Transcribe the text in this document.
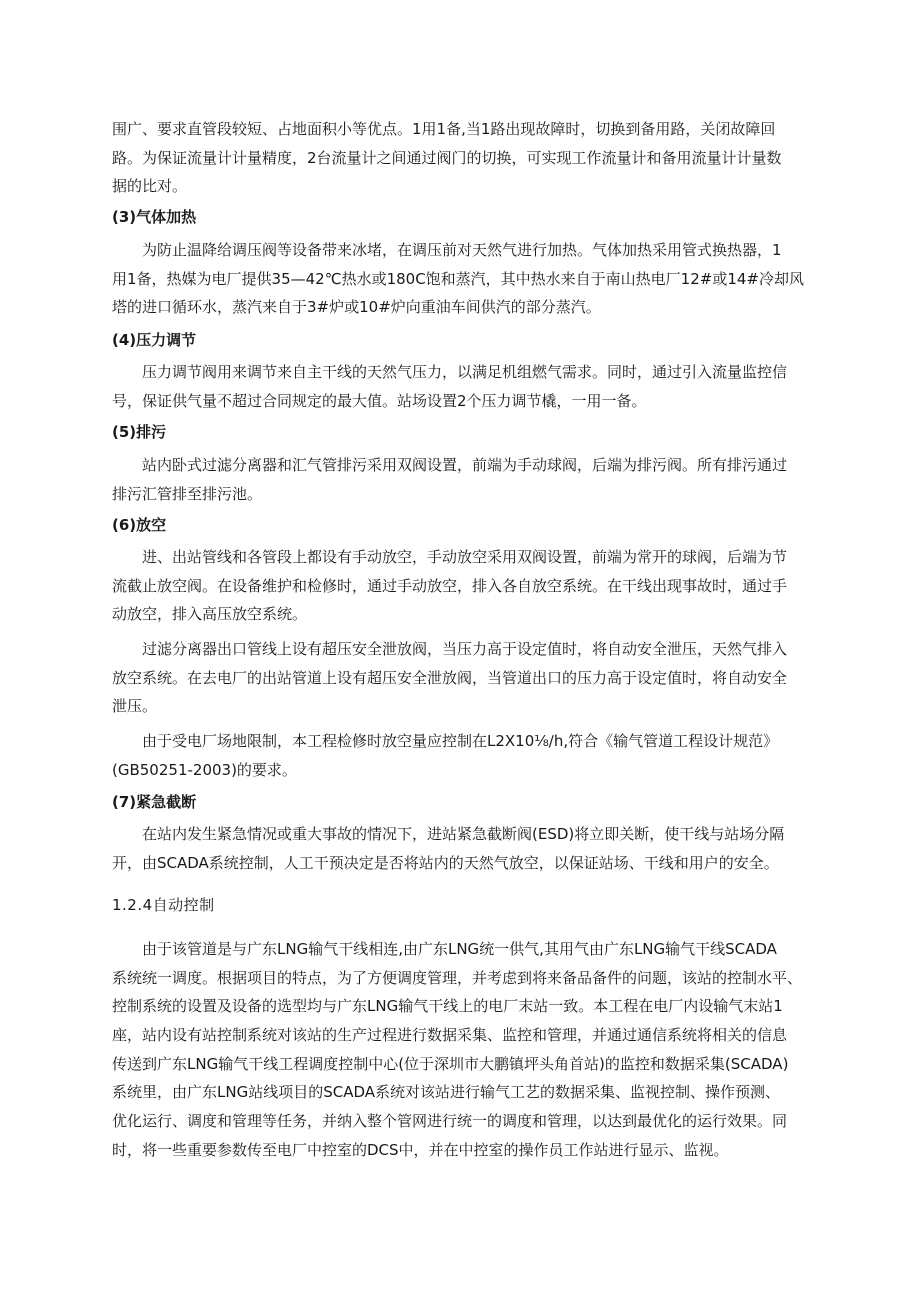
围广、要求直管段较短、占地面积小等优点。1用1备,当1路出现故障时，切换到备用路，关闭故障回

路。为保证流量计计量精度，2台流量计之间通过阀门的切换，可实现工作流量计和备用流量计计量数

据的比对。

(3)气体加热

为防止温降给调压阀等设备带来冰堵，在调压前对天然气进行加热。气体加热采用管式换热器，1

用1备，热媒为电厂提供35—42℃热水或180C饱和蒸汽，其中热水来自于南山热电厂12#或14#冷却风

塔的进口循环水，蒸汽来自于3#炉或10#炉向重油车间供汽的部分蒸汽。

(4)压力调节

压力调节阀用来调节来自主干线的天然气压力，以满足机组燃气需求。同时，通过引入流量监控信

号，保证供气量不超过合同规定的最大值。站场设置2个压力调节橇，一用一备。

(5)排污

站内卧式过滤分离器和汇气管排污采用双阀设置，前端为手动球阀，后端为排污阀。所有排污通过

排污汇管排至排污池。

(6)放空

进、出站管线和各管段上都设有手动放空，手动放空采用双阀设置，前端为常开的球阀，后端为节

流截止放空阀。在设备维护和检修时，通过手动放空，排入各自放空系统。在干线出现事故时，通过手

动放空，排入高压放空系统。

过滤分离器出口管线上设有超压安全泄放阀，当压力高于设定值时，将自动安全泄压，天然气排入

放空系统。在去电厂的出站管道上设有超压安全泄放阀，当管道出口的压力高于设定值时，将自动安全

泄压。

由于受电厂场地限制，本工程检修时放空量应控制在L2X10⅛∕h,符合《输气管道工程设计规范》

(GB50251-2003)的要求。

(7)紧急截断

在站内发生紧急情况或重大事故的情况下，进站紧急截断阀(ESD)将立即关断，使干线与站场分隔

开，由SCADA系统控制，人工干预决定是否将站内的天然气放空，以保证站场、干线和用户的安全。

1.2.4自动控制

由于该管道是与广东LNG输气干线相连,由广东LNG统一供气,其用气由广东LNG输气干线SCADA

系统统一调度。根据项目的特点，为了方便调度管理，并考虑到将来备品备件的问题，该站的控制水平、

控制系统的设置及设备的选型均与广东LNG输气干线上的电厂末站一致。本工程在电厂内设输气末站1

座，站内设有站控制系统对该站的生产过程进行数据采集、监控和管理，并通过通信系统将相关的信息

传送到广东LNG输气干线工程调度控制中心(位于深圳市大鹏镇坪头角首站)的监控和数据采集(SCADA)

系统里，由广东LNG站线项目的SCADA系统对该站进行输气工艺的数据采集、监视控制、操作预测、

优化运行、调度和管理等任务，并纳入整个管网进行统一的调度和管理，以达到最优化的运行效果。同

时，将一些重要参数传至电厂中控室的DCS中，并在中控室的操作员工作站进行显示、监视。
